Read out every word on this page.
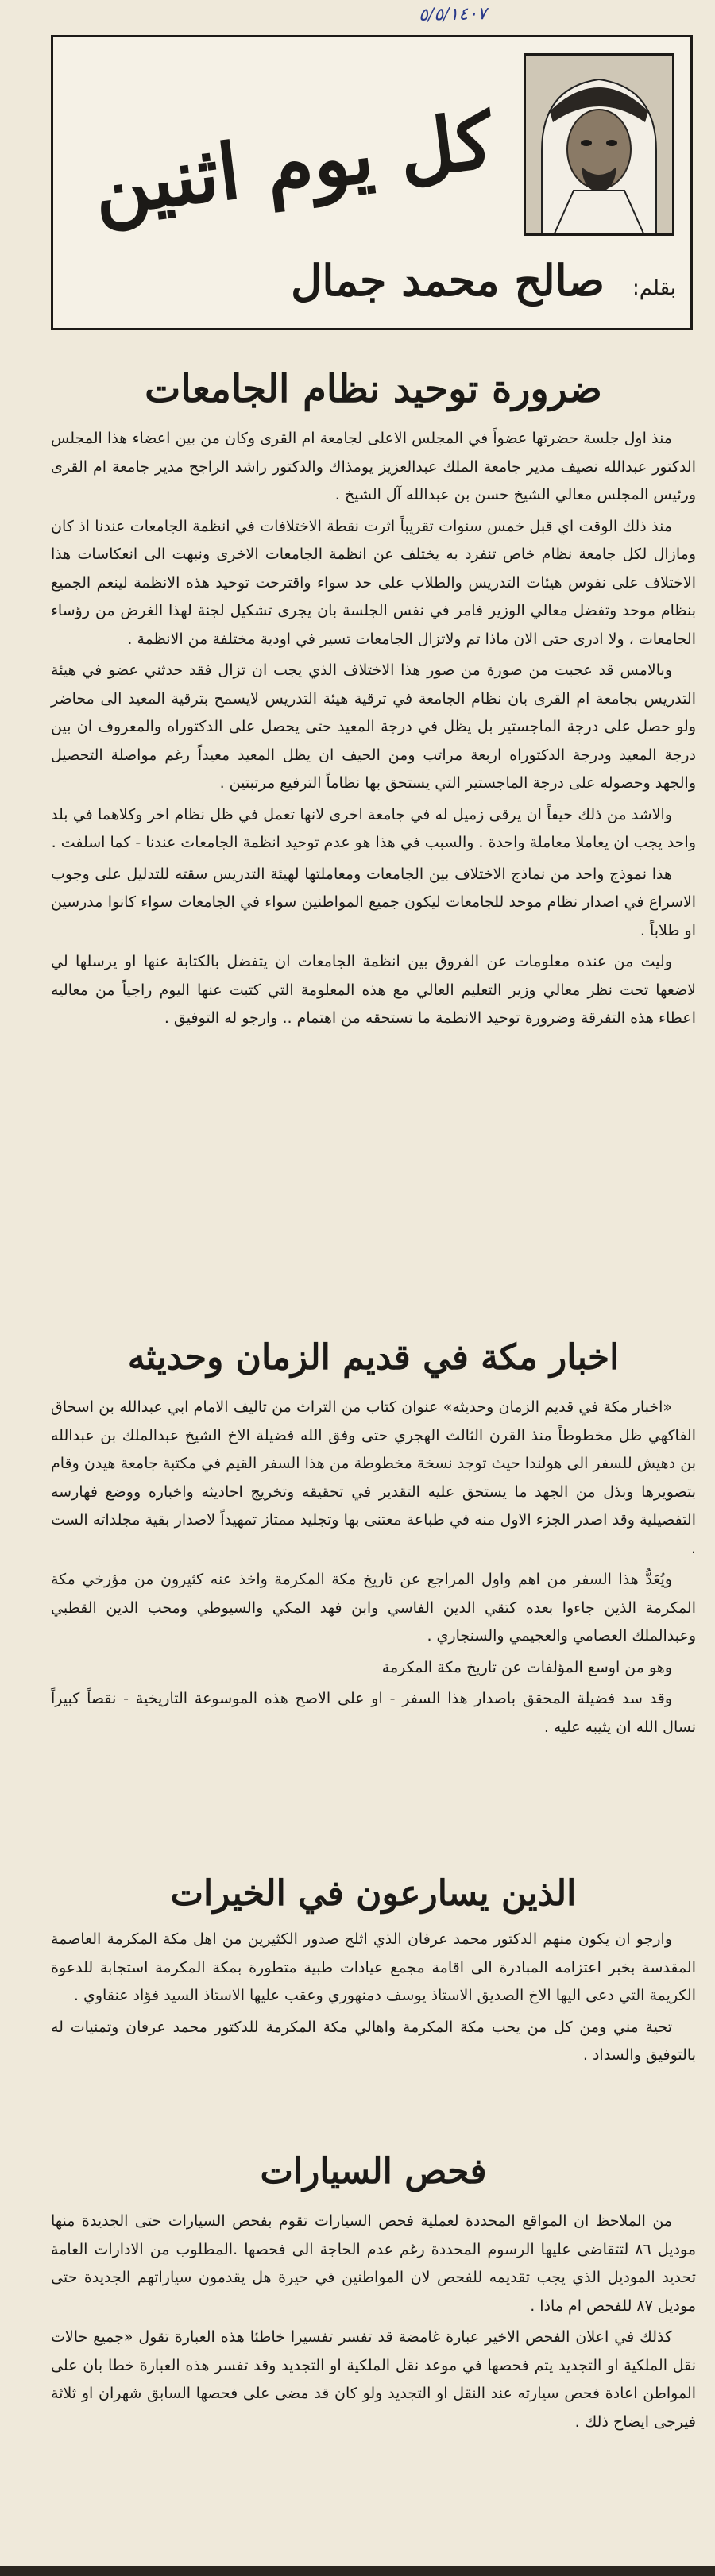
٥/٥/١٤٠٧
كل يوم اثنين
بقلم:
صالح محمد جمال
ضرورة توحيد نظام الجامعات

منذ اول جلسة حضرتها عضواً في المجلس الاعلى لجامعة ام القرى وكان من بين اعضاء هذا المجلس الدكتور عبدالله نصيف مدير جامعة الملك عبدالعزيز يومذاك والدكتور راشد الراجح مدير جامعة ام القرى ورئيس المجلس معالي الشيخ حسن بن عبدالله آل الشيخ .

منذ ذلك الوقت اي قبل خمس سنوات تقريباً اثرت نقطة الاختلافات في انظمة الجامعات عندنا اذ كان ومازال لكل جامعة نظام خاص تنفرد به يختلف عن انظمة الجامعات الاخرى ونبهت الى انعكاسات هذا الاختلاف على نفوس هيئات التدريس والطلاب على حد سواء واقترحت توحيد هذه الانظمة لينعم الجميع بنظام موحد وتفضل معالي الوزير فامر في نفس الجلسة بان يجرى تشكيل لجنة لهذا الغرض من رؤساء الجامعات ، ولا ادرى حتى الان ماذا تم ولاتزال الجامعات تسير في اودية مختلفة من الانظمة .

وبالامس قد عجبت من صورة من صور هذا الاختلاف الذي يجب ان تزال فقد حدثني عضو في هيئة التدريس بجامعة ام القرى بان نظام الجامعة في ترقية هيئة التدريس لايسمح بترقية المعيد الى محاضر ولو حصل على درجة الماجستير بل يظل في درجة المعيد حتى يحصل على الدكتوراه والمعروف ان بين درجة المعيد ودرجة الدكتوراه اربعة مراتب ومن الحيف ان يظل المعيد معيداً رغم مواصلة التحصيل والجهد وحصوله على درجة الماجستير التي يستحق بها نظاماً الترفيع مرتبتين .

والاشد من ذلك حيفاً ان يرقى زميل له في جامعة اخرى لانها تعمل في ظل نظام اخر وكلاهما في بلد واحد يجب ان يعاملا معاملة واحدة . والسبب في هذا هو عدم توحيد انظمة الجامعات عندنا - كما اسلفت .

هذا نموذج واحد من نماذج الاختلاف بين الجامعات ومعاملتها لهيئة التدريس سقته للتدليل على وجوب الاسراع في اصدار نظام موحد للجامعات ليكون جميع المواطنين سواء في الجامعات سواء كانوا مدرسين او طلاباً .

وليت من عنده معلومات عن الفروق بين انظمة الجامعات ان يتفضل بالكتابة عنها او يرسلها لي لاضعها تحت نظر معالي وزير التعليم العالي مع هذه المعلومة التي كتبت عنها اليوم راجياً من معاليه اعطاء هذه التفرقة وضرورة توحيد الانظمة ما تستحقه من اهتمام .. وارجو له التوفيق .

اخبار مكة في قديم الزمان وحديثه

«اخبار مكة في قديم الزمان وحديثه» عنوان كتاب من التراث من تاليف الامام ابي عبدالله بن اسحاق الفاكهي ظل مخطوطاً منذ القرن الثالث الهجري حتى وفق الله فضيلة الاخ الشيخ عبدالملك بن عبدالله بن دهيش للسفر الى هولندا حيث توجد نسخة مخطوطة من هذا السفر القيم في مكتبة جامعة هيدن وقام بتصويرها وبذل من الجهد ما يستحق عليه التقدير في تحقيقه وتخريج احاديثه واخباره ووضع فهارسه التفصيلية وقد اصدر الجزء الاول منه في طباعة معتنى بها وتجليد ممتاز تمهيداً لاصدار بقية مجلداته الست .

ويُعَدُّ هذا السفر من اهم واول المراجع عن تاريخ مكة المكرمة واخذ عنه كثيرون من مؤرخي مكة المكرمة الذين جاءوا بعده كتقي الدين الفاسي وابن فهد المكي والسيوطي ومحب الدين القطبي وعبدالملك العصامي والعجيمي والسنجاري .

وهو من اوسع المؤلفات عن تاريخ مكة المكرمة

وقد سد فضيلة المحقق باصدار هذا السفر - او على الاصح هذه الموسوعة التاريخية - نقصاً كبيراً نسال الله ان يثيبه عليه .

الذين يسارعون في الخيرات

وارجو ان يكون منهم الدكتور محمد عرفان الذي اثلج صدور الكثيرين من اهل مكة المكرمة العاصمة المقدسة بخبر اعتزامه المبادرة الى اقامة مجمع عيادات طبية متطورة بمكة المكرمة استجابة للدعوة الكريمة التي دعى اليها الاخ الصديق الاستاذ يوسف دمنهوري وعقب عليها الاستاذ السيد فؤاد عنقاوي .

تحية مني ومن كل من يحب مكة المكرمة واهالي مكة المكرمة للدكتور محمد عرفان وتمنيات له بالتوفيق والسداد .

فحص السيارات

من الملاحظ ان المواقع المحددة لعملية فحص السيارات تقوم بفحص السيارات حتى الجديدة منها موديل ٨٦ لتتقاضى عليها الرسوم المحددة رغم عدم الحاجة الى فحصها .المطلوب من الادارات العامة تحديد الموديل الذي يجب تقديمه للفحص لان المواطنين في حيرة هل يقدمون سياراتهم الجديدة حتى موديل ٨٧ للفحص ام ماذا .

كذلك في اعلان الفحص الاخير عبارة غامضة قد تفسر تفسيرا خاطئا هذه العبارة تقول «جميع حالات نقل الملكية او التجديد يتم فحصها في موعد نقل الملكية او التجديد وقد تفسر هذه العبارة خطا بان على المواطن اعادة فحص سيارته عند النقل او التجديد ولو كان قد مضى على فحصها السابق شهران او ثلاثة فيرجى ايضاح ذلك .
